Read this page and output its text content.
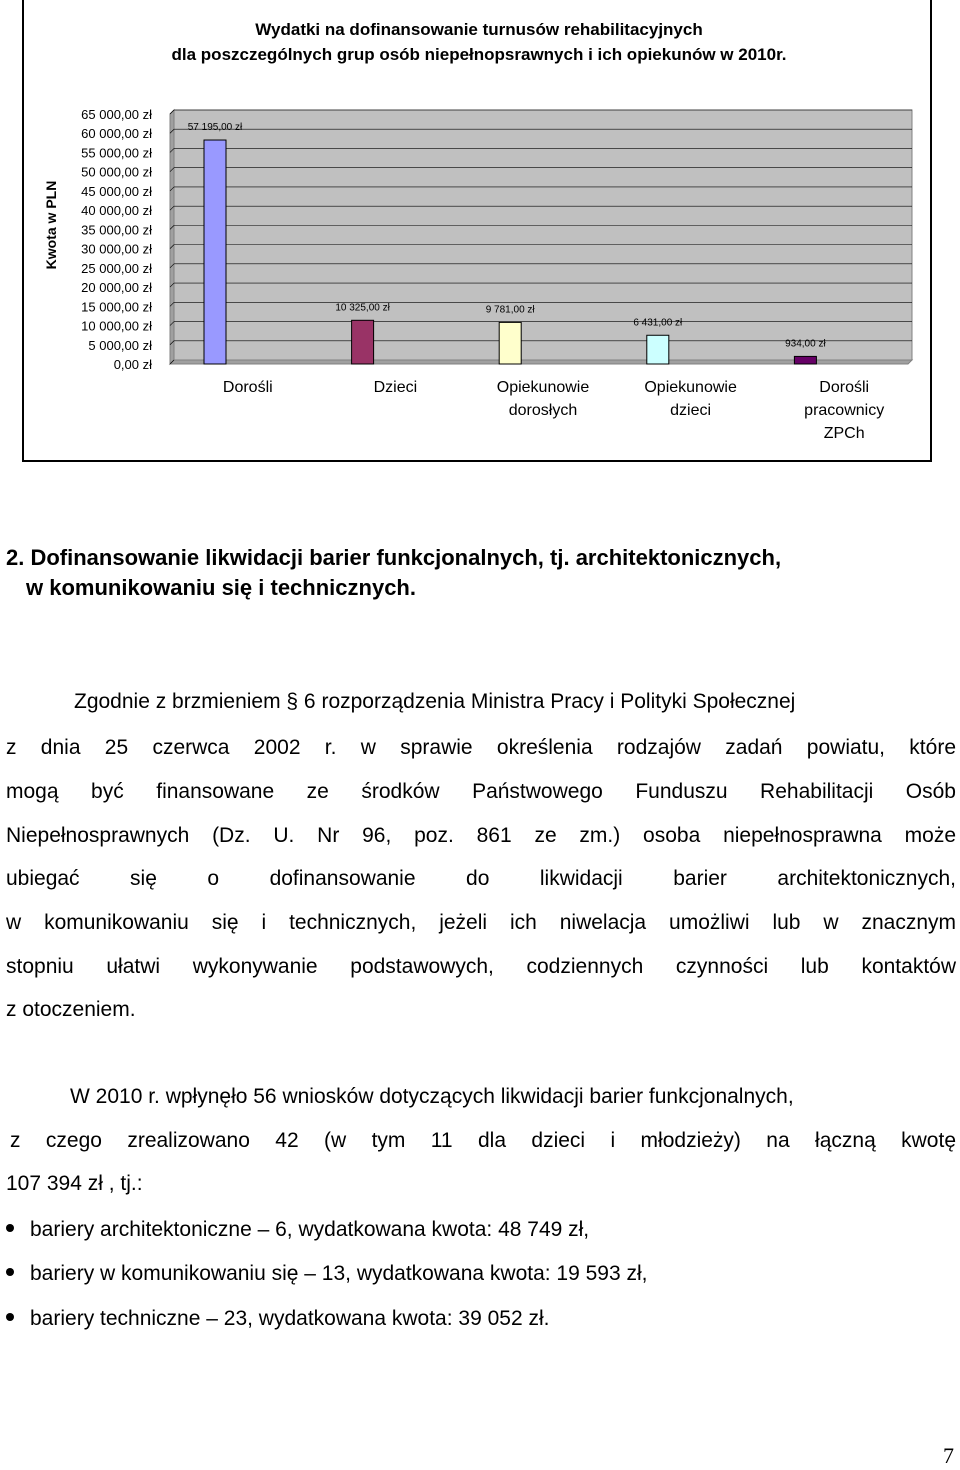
Wydatki na dofinansowanie turnusów rehabilitacyjnych
dla poszczególnych grup osób niepełnopsrawnych i ich opiekunów w 2010r.
65 000,00 zł
60 000,00 zł
55 000,00 zł
50 000,00 zł
45 000,00 zł
40 000,00 zł
35 000,00 zł
30 000,00 zł
25 000,00 zł
20 000,00 zł
15 000,00 zł
10 000,00 zł
5 000,00 zł
0,00 zł
Kwota w PLN
57 195,00 zł
Dorośli
10 325,00 zł
Dzieci
9 781,00 zł
Opiekunowie
dorosłych
6 431,00 zł
Opiekunowie
dzieci
934,00 zł
Dorośli
pracownicy
ZPCh
2. Dofinansowanie likwidacji barier funkcjonalnych, tj. architektonicznych,
w komunikowaniu się i technicznych.
Zgodnie z brzmieniem § 6 rozporządzenia Ministra Pracy i Polityki Społecznej
z dnia 25 czerwca 2002 r. w sprawie określenia rodzajów zadań powiatu, które
mogą być finansowane ze środków Państwowego Funduszu Rehabilitacji Osób
Niepełnosprawnych (Dz. U. Nr 96, poz. 861 ze zm.) osoba niepełnosprawna może
ubiegać się o dofinansowanie do likwidacji barier architektonicznych,
w komunikowaniu się i technicznych, jeżeli ich niwelacja umożliwi lub w znacznym
stopniu ułatwi wykonywanie podstawowych, codziennych czynności lub kontaktów
z otoczeniem.
W 2010 r. wpłynęło 56 wniosków dotyczących likwidacji barier funkcjonalnych,
z czego zrealizowano 42 (w tym 11 dla dzieci i młodzieży) na łączną kwotę
107 394 zł , tj.:
bariery architektoniczne – 6, wydatkowana kwota: 48 749 zł,
bariery w komunikowaniu się – 13, wydatkowana kwota: 19 593 zł,
bariery techniczne – 23, wydatkowana kwota: 39 052 zł.
7
